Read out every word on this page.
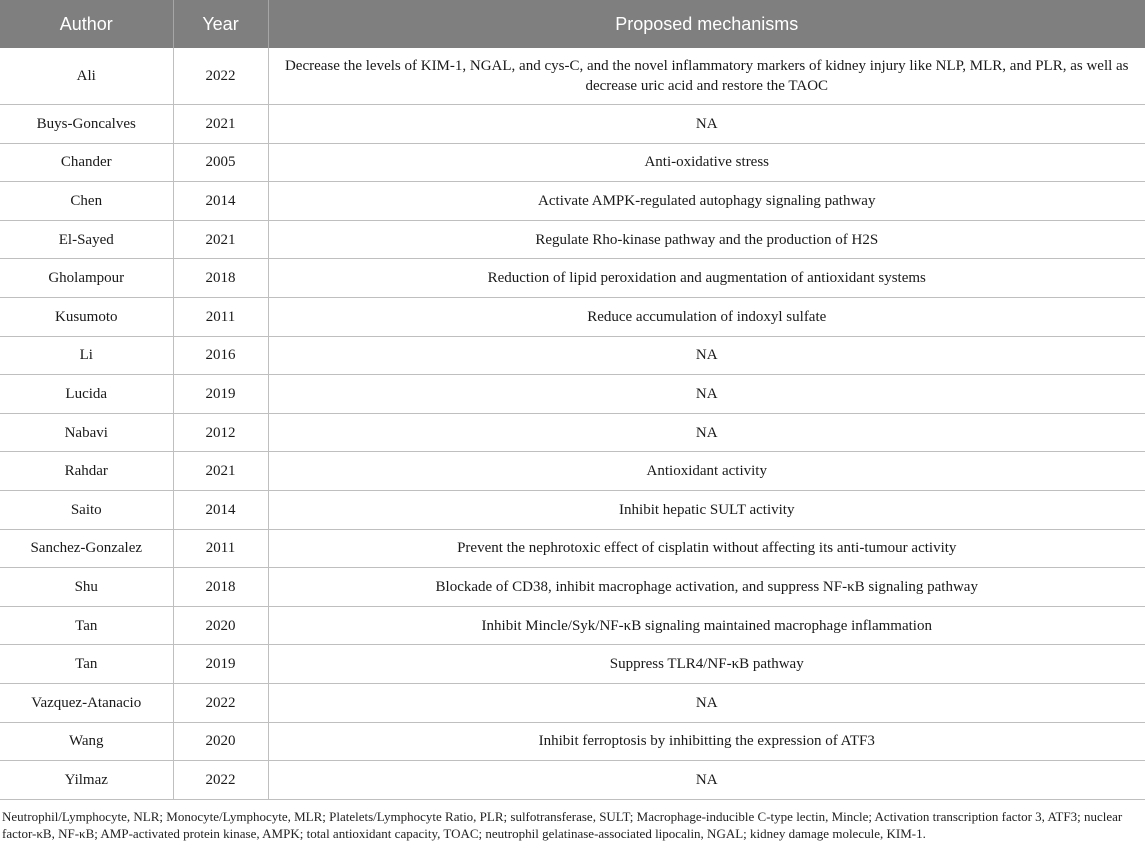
Author	Year	Proposed mechanisms
Ali	2022	Decrease the levels of KIM-1, NGAL, and cys-C, and the novel inflammatory markers of kidney injury like NLP, MLR, and PLR, as well as decrease uric acid and restore the TAOC
Buys-Goncalves	2021	NA
Chander	2005	Anti-oxidative stress
Chen	2014	Activate AMPK-regulated autophagy signaling pathway
El-Sayed	2021	Regulate Rho-kinase pathway and the production of H2S
Gholampour	2018	Reduction of lipid peroxidation and augmentation of antioxidant systems
Kusumoto	2011	Reduce accumulation of indoxyl sulfate
Li	2016	NA
Lucida	2019	NA
Nabavi	2012	NA
Rahdar	2021	Antioxidant activity
Saito	2014	Inhibit hepatic SULT activity
Sanchez-Gonzalez	2011	Prevent the nephrotoxic effect of cisplatin without affecting its anti-tumour activity
Shu	2018	Blockade of CD38, inhibit macrophage activation, and suppress NF-κB signaling pathway
Tan	2020	Inhibit Mincle/Syk/NF-κB signaling maintained macrophage inflammation
Tan	2019	Suppress TLR4/NF-κB pathway
Vazquez-Atanacio	2022	NA
Wang	2020	Inhibit ferroptosis by inhibitting the expression of ATF3
Yilmaz	2022	NA

Neutrophil/Lymphocyte, NLR; Monocyte/Lymphocyte, MLR; Platelets/Lymphocyte Ratio, PLR; sulfotransferase, SULT; Macrophage-inducible C-type lectin, Mincle; Activation transcription factor 3, ATF3; nuclear factor-κB, NF-κB; AMP-activated protein kinase, AMPK; total antioxidant capacity, TOAC; neutrophil gelatinase-associated lipocalin, NGAL; kidney damage molecule, KIM-1.
